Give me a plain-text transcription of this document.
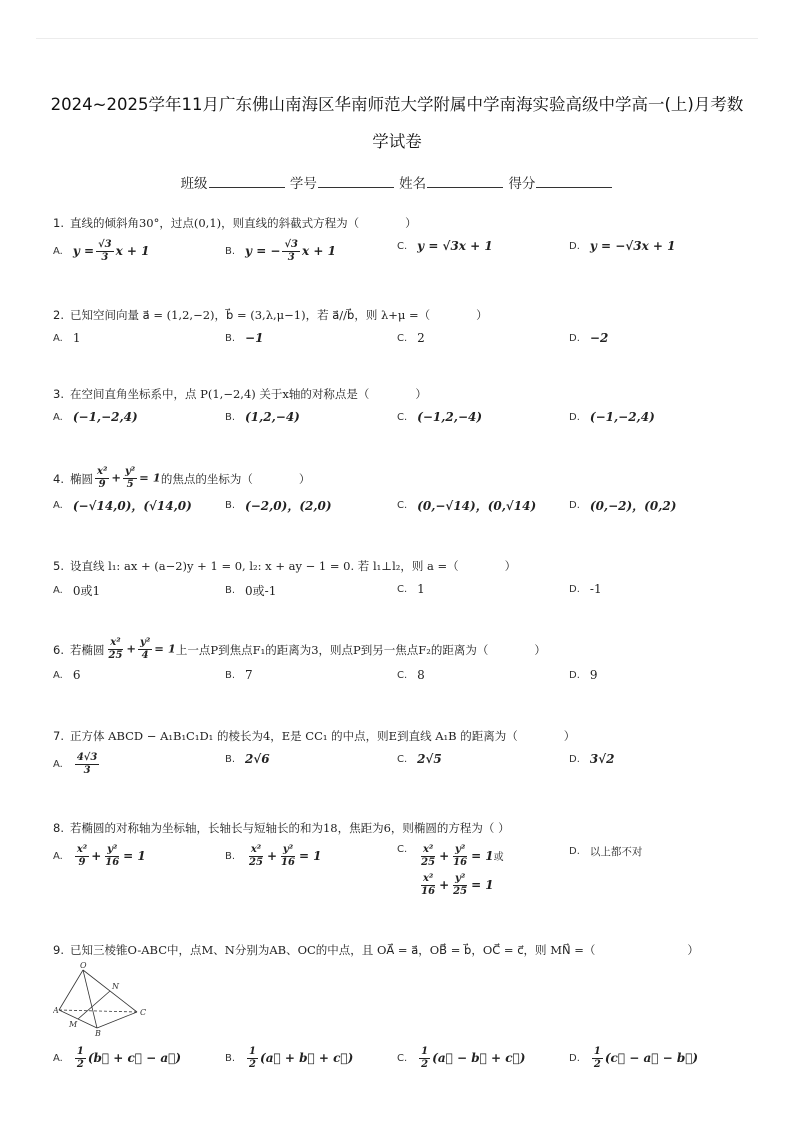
2024~2025学年11月广东佛山南海区华南师范大学附属中学南海实验高级中学高一(上)月考数
学试卷
班级	学号	姓名	得分
1. 直线的倾斜角30°，过点(0,1)，则直线的斜截式方程为（　　　　）
A. $y = \frac{√3}{3}$ x + 1	B. y = − $\frac{√3}{3}$ x + 1	C. y = √3x + 1	D. y = −√3x + 1
2. 已知空间向量 a⃗ = (1,2,−2)，b⃗ = (3,λ,μ−1)，若 a⃗//b⃗，则 λ+μ =（　　　　）
A. 1	B. −1	C. 2	D. −2
3. 在空间直角坐标系中，点 P(1,−2,4) 关于x轴的对称点是（　　　　）
A. (−1,−2,4)	B. (1,2,−4)	C. (−1,2,−4)	D. (−1,−2,4)
4. 椭圆 $\frac{\text{x²}}{9} + \frac{\text{y²}}{5} = 1$ 的焦点的坐标为（　　　　）
A. (−√14,0)，(√14,0)	B. (−2,0)，(2,0)	C. (0,−√14)，(0,√14)	D. (0,−2)，(0,2)
5. 设直线 l₁: ax + (a−2)y + 1 = 0, l₂: x + ay − 1 = 0. 若 l₁⊥l₂，则 a =（　　　　）
A. 0或1	B. 0或-1	C. 1	D. -1
6. 若椭圆 $\frac{\text{x²}}{25} + \frac{\text{y²}}{4} = 1$ 上一点P到焦点F₁的距离为3，则点P到另一焦点F₂的距离为（　　　　）
A. 6	B. 7	C. 8	D. 9
7. 正方体 ABCD − A₁B₁C₁D₁ 的棱长为4，E是 CC₁ 的中点，则E到直线 A₁B 的距离为（　　　　）
A. $\frac{4√3}{3}$	B. 2√6	C. 2√5	D. 3√2
8. 若椭圆的对称轴为坐标轴，长轴长与短轴长的和为18，焦距为6，则椭圆的方程为（ ）
A. $\frac{\text{x²}}{9} + \frac{\text{y²}}{16} = 1$	B. $\frac{\text{x²}}{25} + \frac{\text{y²}}{16} = 1$	C. $\frac{\text{x²}}{25} + \frac{\text{y²}}{16} = 1$或
$\frac{\text{x²}}{16} + \frac{\text{y²}}{25} = 1$
D. 以上都不对
9. 已知三棱锥O-ABC中，点M、N分别为AB、OC的中点，且 OA⃗ = a⃗，OB⃗ = b⃗，OC⃗ = c⃗，则 MN⃗ =（　　　　　　　　）
O
N
A
M
B
C
A. $\frac{1}{2}$ (b⃗ + c⃗ − a⃗)	B. $\frac{1}{2}$ (a⃗ + b⃗ + c⃗)	C. $\frac{1}{2}$ (a⃗ − b⃗ + c⃗)	D. $\frac{1}{2}$ (c⃗ − a⃗ − b⃗)
